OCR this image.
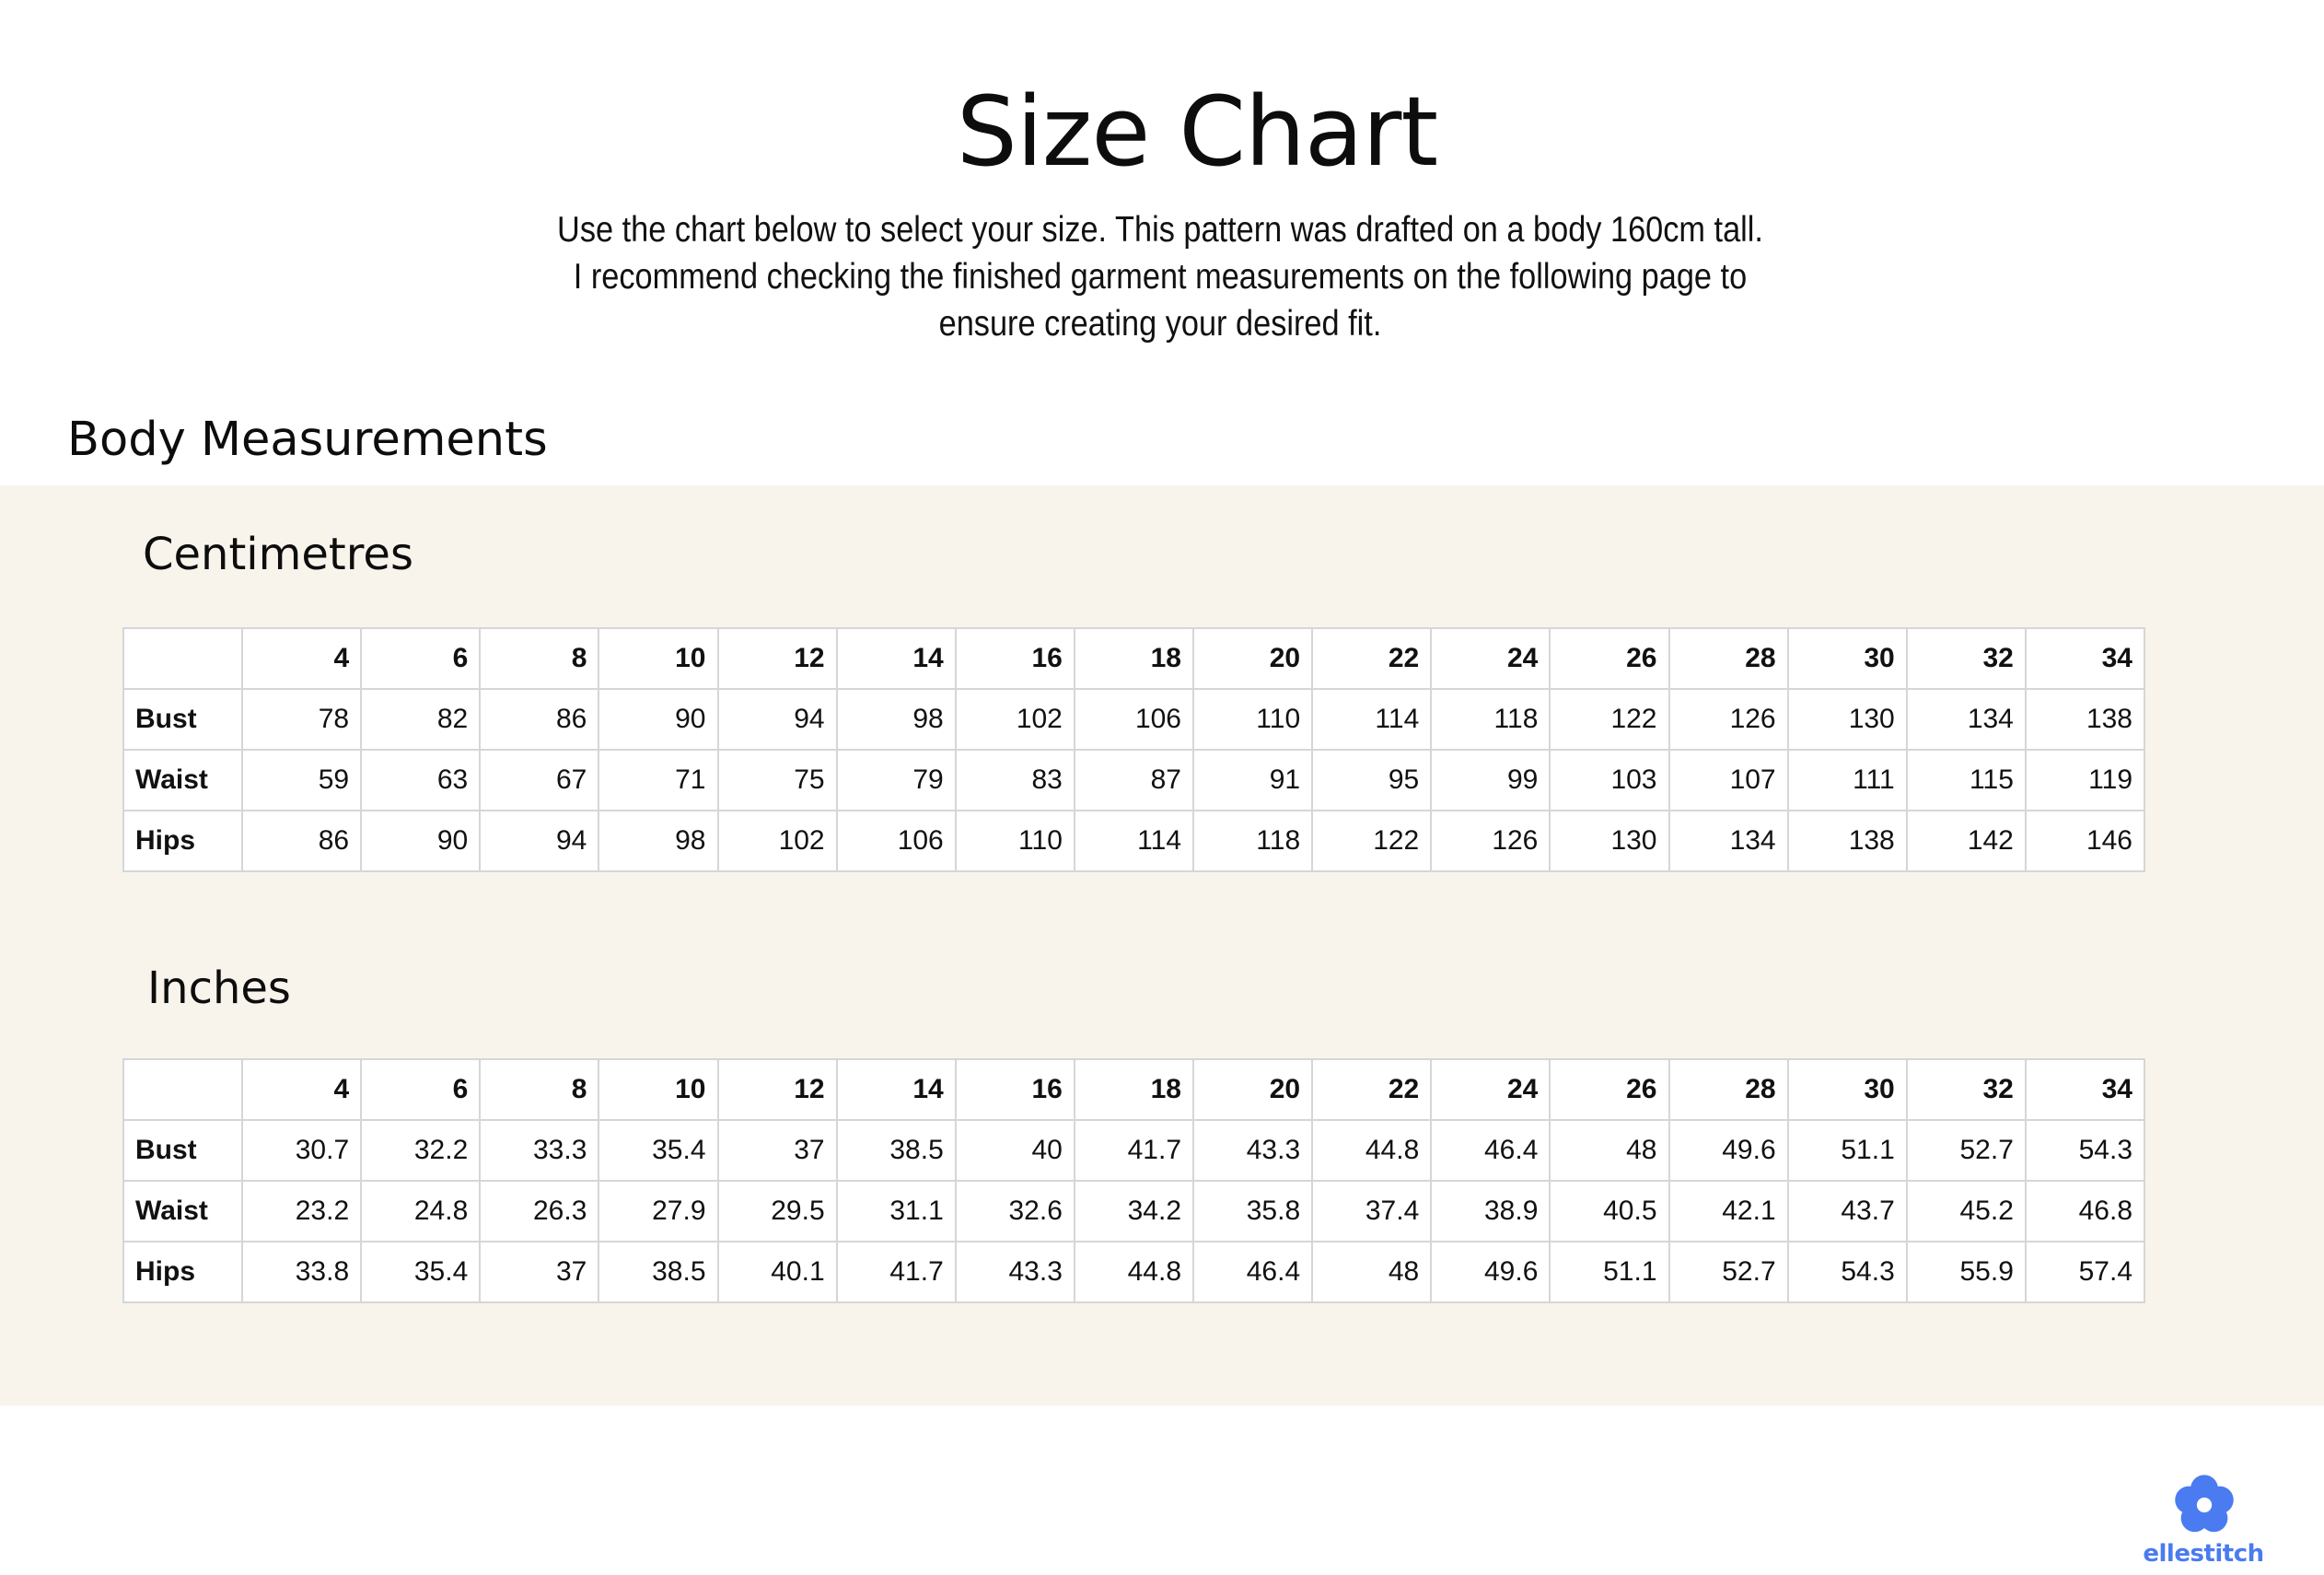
Size Chart
Use the chart below to select your size. This pattern was drafted on a body 160cm tall.
I recommend checking the finished garment measurements on the following page to
ensure creating your desired fit.
Body Measurements
Centimetres
	4	6	8	10	12	14	16	18	20	22	24	26	28	30	32	34
Bust	78	82	86	90	94	98	102	106	110	114	118	122	126	130	134	138
Waist	59	63	67	71	75	79	83	87	91	95	99	103	107	111	115	119
Hips	86	90	94	98	102	106	110	114	118	122	126	130	134	138	142	146
Inches
	4	6	8	10	12	14	16	18	20	22	24	26	28	30	32	34
Bust	30.7	32.2	33.3	35.4	37	38.5	40	41.7	43.3	44.8	46.4	48	49.6	51.1	52.7	54.3
Waist	23.2	24.8	26.3	27.9	29.5	31.1	32.6	34.2	35.8	37.4	38.9	40.5	42.1	43.7	45.2	46.8
Hips	33.8	35.4	37	38.5	40.1	41.7	43.3	44.8	46.4	48	49.6	51.1	52.7	54.3	55.9	57.4
ellestitch
